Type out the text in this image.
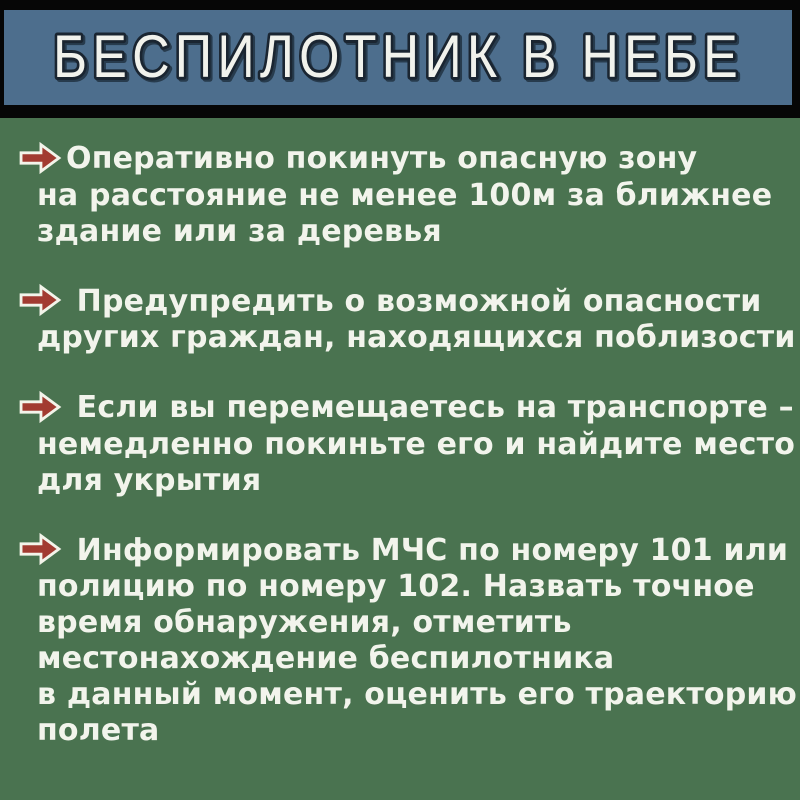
БЕСПИЛОТНИК В НЕБЕ
Оперативно покинуть опасную зону
на расстояние не менее 100м за ближнее
здание или за деревья
Предупредить о возможной опасности
других граждан, находящихся поблизости
Если вы перемещаетесь на транспорте –
немедленно покиньте его и найдите место
для укрытия
Информировать МЧС по номеру 101 или
полицию по номеру 102. Назвать точное
время обнаружения, отметить
местонахождение беспилотника
в данный момент, оценить его траекторию
полета
